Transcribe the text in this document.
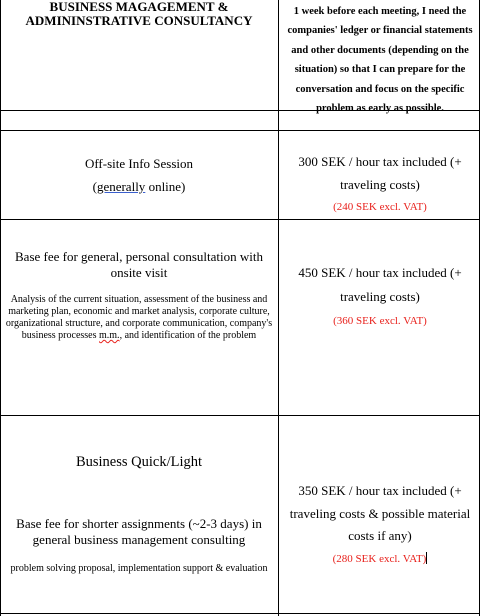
BUSINESS MAGAGEMENT & ADMININSTRATIVE CONSULTANCY
1 week before each meeting, I need the companies' ledger or financial statements and other documents (depending on the situation) so that I can prepare for the conversation and focus on the specific problem as early as possible.
Off-site Info Session
(generally online)
300 SEK / hour tax included (+ traveling costs)
(240 SEK excl. VAT)
Base fee for general, personal consultation with onsite visit
Analysis of the current situation, assessment of the business and marketing plan, economic and market analysis, corporate culture, organizational structure, and corporate communication, company's business processes m.m., and identification of the problem
450 SEK / hour tax included (+ traveling costs)
(360 SEK excl. VAT)
Business Quick/Light
Base fee for shorter assignments (~2-3 days) in general business management consulting
problem solving proposal, implementation support & evaluation
350 SEK / hour tax included (+ traveling costs & possible material costs if any)
(280 SEK excl. VAT)
